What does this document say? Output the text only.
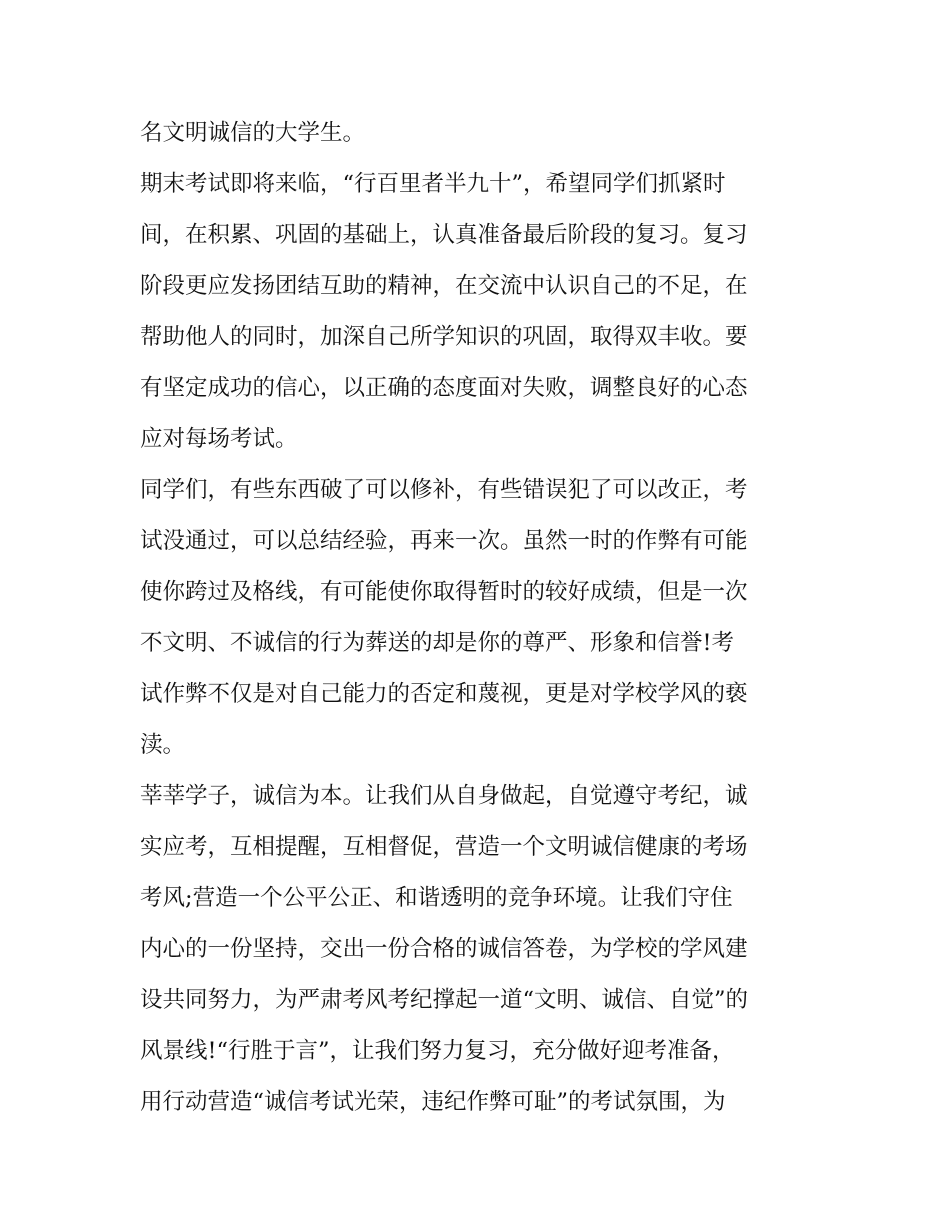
名文明诚信的大学生。
期末考试即将来临，“行百里者半九十”，希望同学们抓紧时
间，在积累、巩固的基础上，认真准备最后阶段的复习。复习
阶段更应发扬团结互助的精神，在交流中认识自己的不足，在
帮助他人的同时，加深自己所学知识的巩固，取得双丰收。要
有坚定成功的信心，以正确的态度面对失败，调整良好的心态
应对每场考试。
同学们，有些东西破了可以修补，有些错误犯了可以改正，考
试没通过，可以总结经验，再来一次。虽然一时的作弊有可能
使你跨过及格线，有可能使你取得暂时的较好成绩，但是一次
不文明、不诚信的行为葬送的却是你的尊严、形象和信誉!考
试作弊不仅是对自己能力的否定和蔑视，更是对学校学风的亵
渎。
莘莘学子，诚信为本。让我们从自身做起，自觉遵守考纪，诚
实应考，互相提醒，互相督促，营造一个文明诚信健康的考场
考风;营造一个公平公正、和谐透明的竞争环境。让我们守住
内心的一份坚持，交出一份合格的诚信答卷，为学校的学风建
设共同努力，为严肃考风考纪撑起一道“文明、诚信、自觉”的
风景线!“行胜于言”，让我们努力复习，充分做好迎考准备，
用行动营造“诚信考试光荣，违纪作弊可耻”的考试氛围，为
